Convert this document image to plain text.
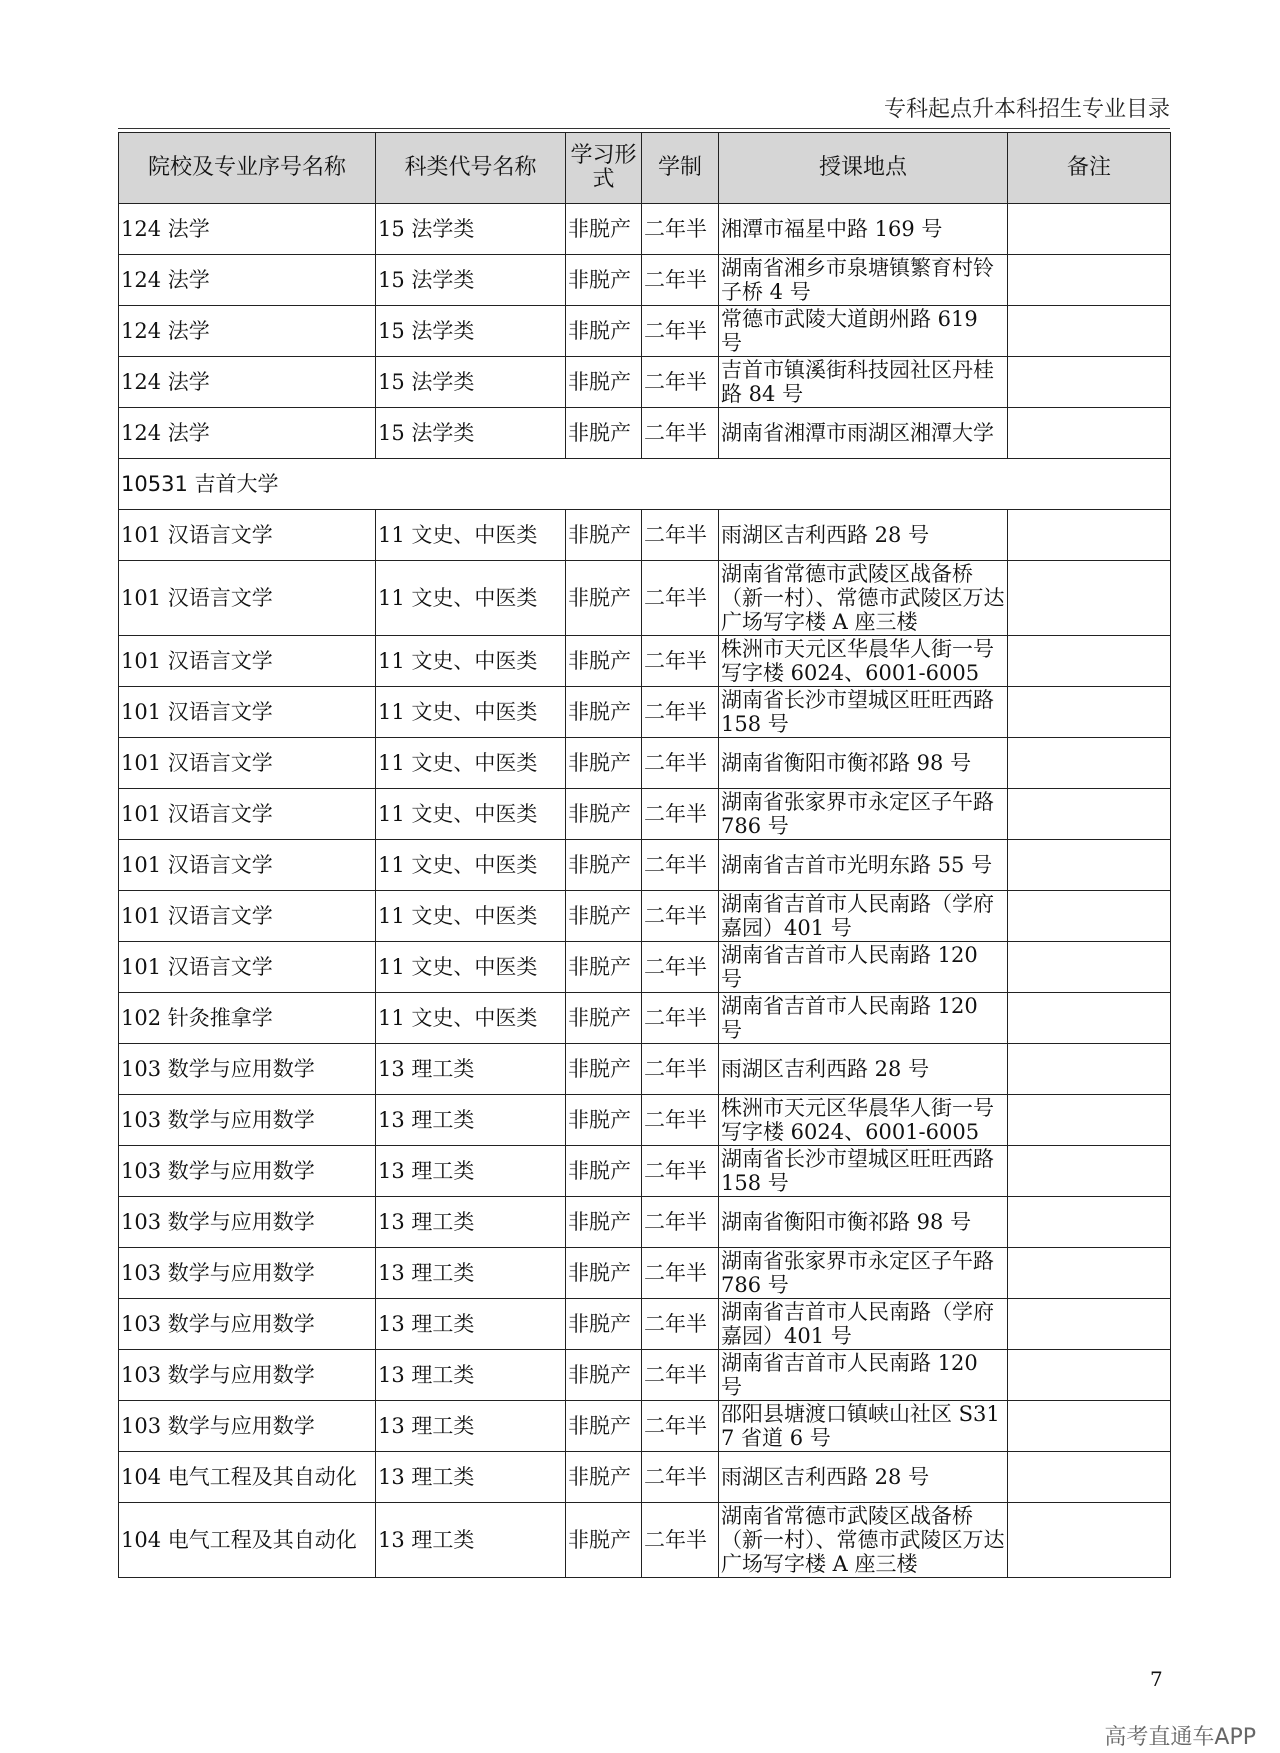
专科起点升本科招生专业目录
院校及专业序号名称	科类代号名称	学习形式	学制	授课地点	备注
124 法学	15 法学类	非脱产	二年半	湘潭市福星中路 169 号	
124 法学	15 法学类	非脱产	二年半	湖南省湘乡市泉塘镇繁育村铃子桥 4 号	
124 法学	15 法学类	非脱产	二年半	常德市武陵大道朗州路 619 号	
124 法学	15 法学类	非脱产	二年半	吉首市镇溪街科技园社区丹桂路 84 号	
124 法学	15 法学类	非脱产	二年半	湖南省湘潭市雨湖区湘潭大学	
10531 吉首大学					
101 汉语言文学	11 文史、中医类	非脱产	二年半	雨湖区吉利西路 28 号	
101 汉语言文学	11 文史、中医类	非脱产	二年半	湖南省常德市武陵区战备桥（新一村）、常德市武陵区万达广场写字楼 A 座三楼	
101 汉语言文学	11 文史、中医类	非脱产	二年半	株洲市天元区华晨华人街一号写字楼 6024、6001-6005	
101 汉语言文学	11 文史、中医类	非脱产	二年半	湖南省长沙市望城区旺旺西路 158 号	
101 汉语言文学	11 文史、中医类	非脱产	二年半	湖南省衡阳市衡祁路 98 号	
101 汉语言文学	11 文史、中医类	非脱产	二年半	湖南省张家界市永定区子午路 786 号	
101 汉语言文学	11 文史、中医类	非脱产	二年半	湖南省吉首市光明东路 55 号	
101 汉语言文学	11 文史、中医类	非脱产	二年半	湖南省吉首市人民南路（学府嘉园）401 号	
101 汉语言文学	11 文史、中医类	非脱产	二年半	湖南省吉首市人民南路 120 号	
102 针灸推拿学	11 文史、中医类	非脱产	二年半	湖南省吉首市人民南路 120 号	
103 数学与应用数学	13 理工类	非脱产	二年半	雨湖区吉利西路 28 号	
103 数学与应用数学	13 理工类	非脱产	二年半	株洲市天元区华晨华人街一号写字楼 6024、6001-6005	
103 数学与应用数学	13 理工类	非脱产	二年半	湖南省长沙市望城区旺旺西路 158 号	
103 数学与应用数学	13 理工类	非脱产	二年半	湖南省衡阳市衡祁路 98 号	
103 数学与应用数学	13 理工类	非脱产	二年半	湖南省张家界市永定区子午路 786 号	
103 数学与应用数学	13 理工类	非脱产	二年半	湖南省吉首市人民南路（学府嘉园）401 号	
103 数学与应用数学	13 理工类	非脱产	二年半	湖南省吉首市人民南路 120 号	
103 数学与应用数学	13 理工类	非脱产	二年半	邵阳县塘渡口镇峡山社区 S317 省道 6 号	
104 电气工程及其自动化	13 理工类	非脱产	二年半	雨湖区吉利西路 28 号	
104 电气工程及其自动化	13 理工类	非脱产	二年半	湖南省常德市武陵区战备桥（新一村）、常德市武陵区万达广场写字楼 A 座三楼	
7
高考直通车APP
